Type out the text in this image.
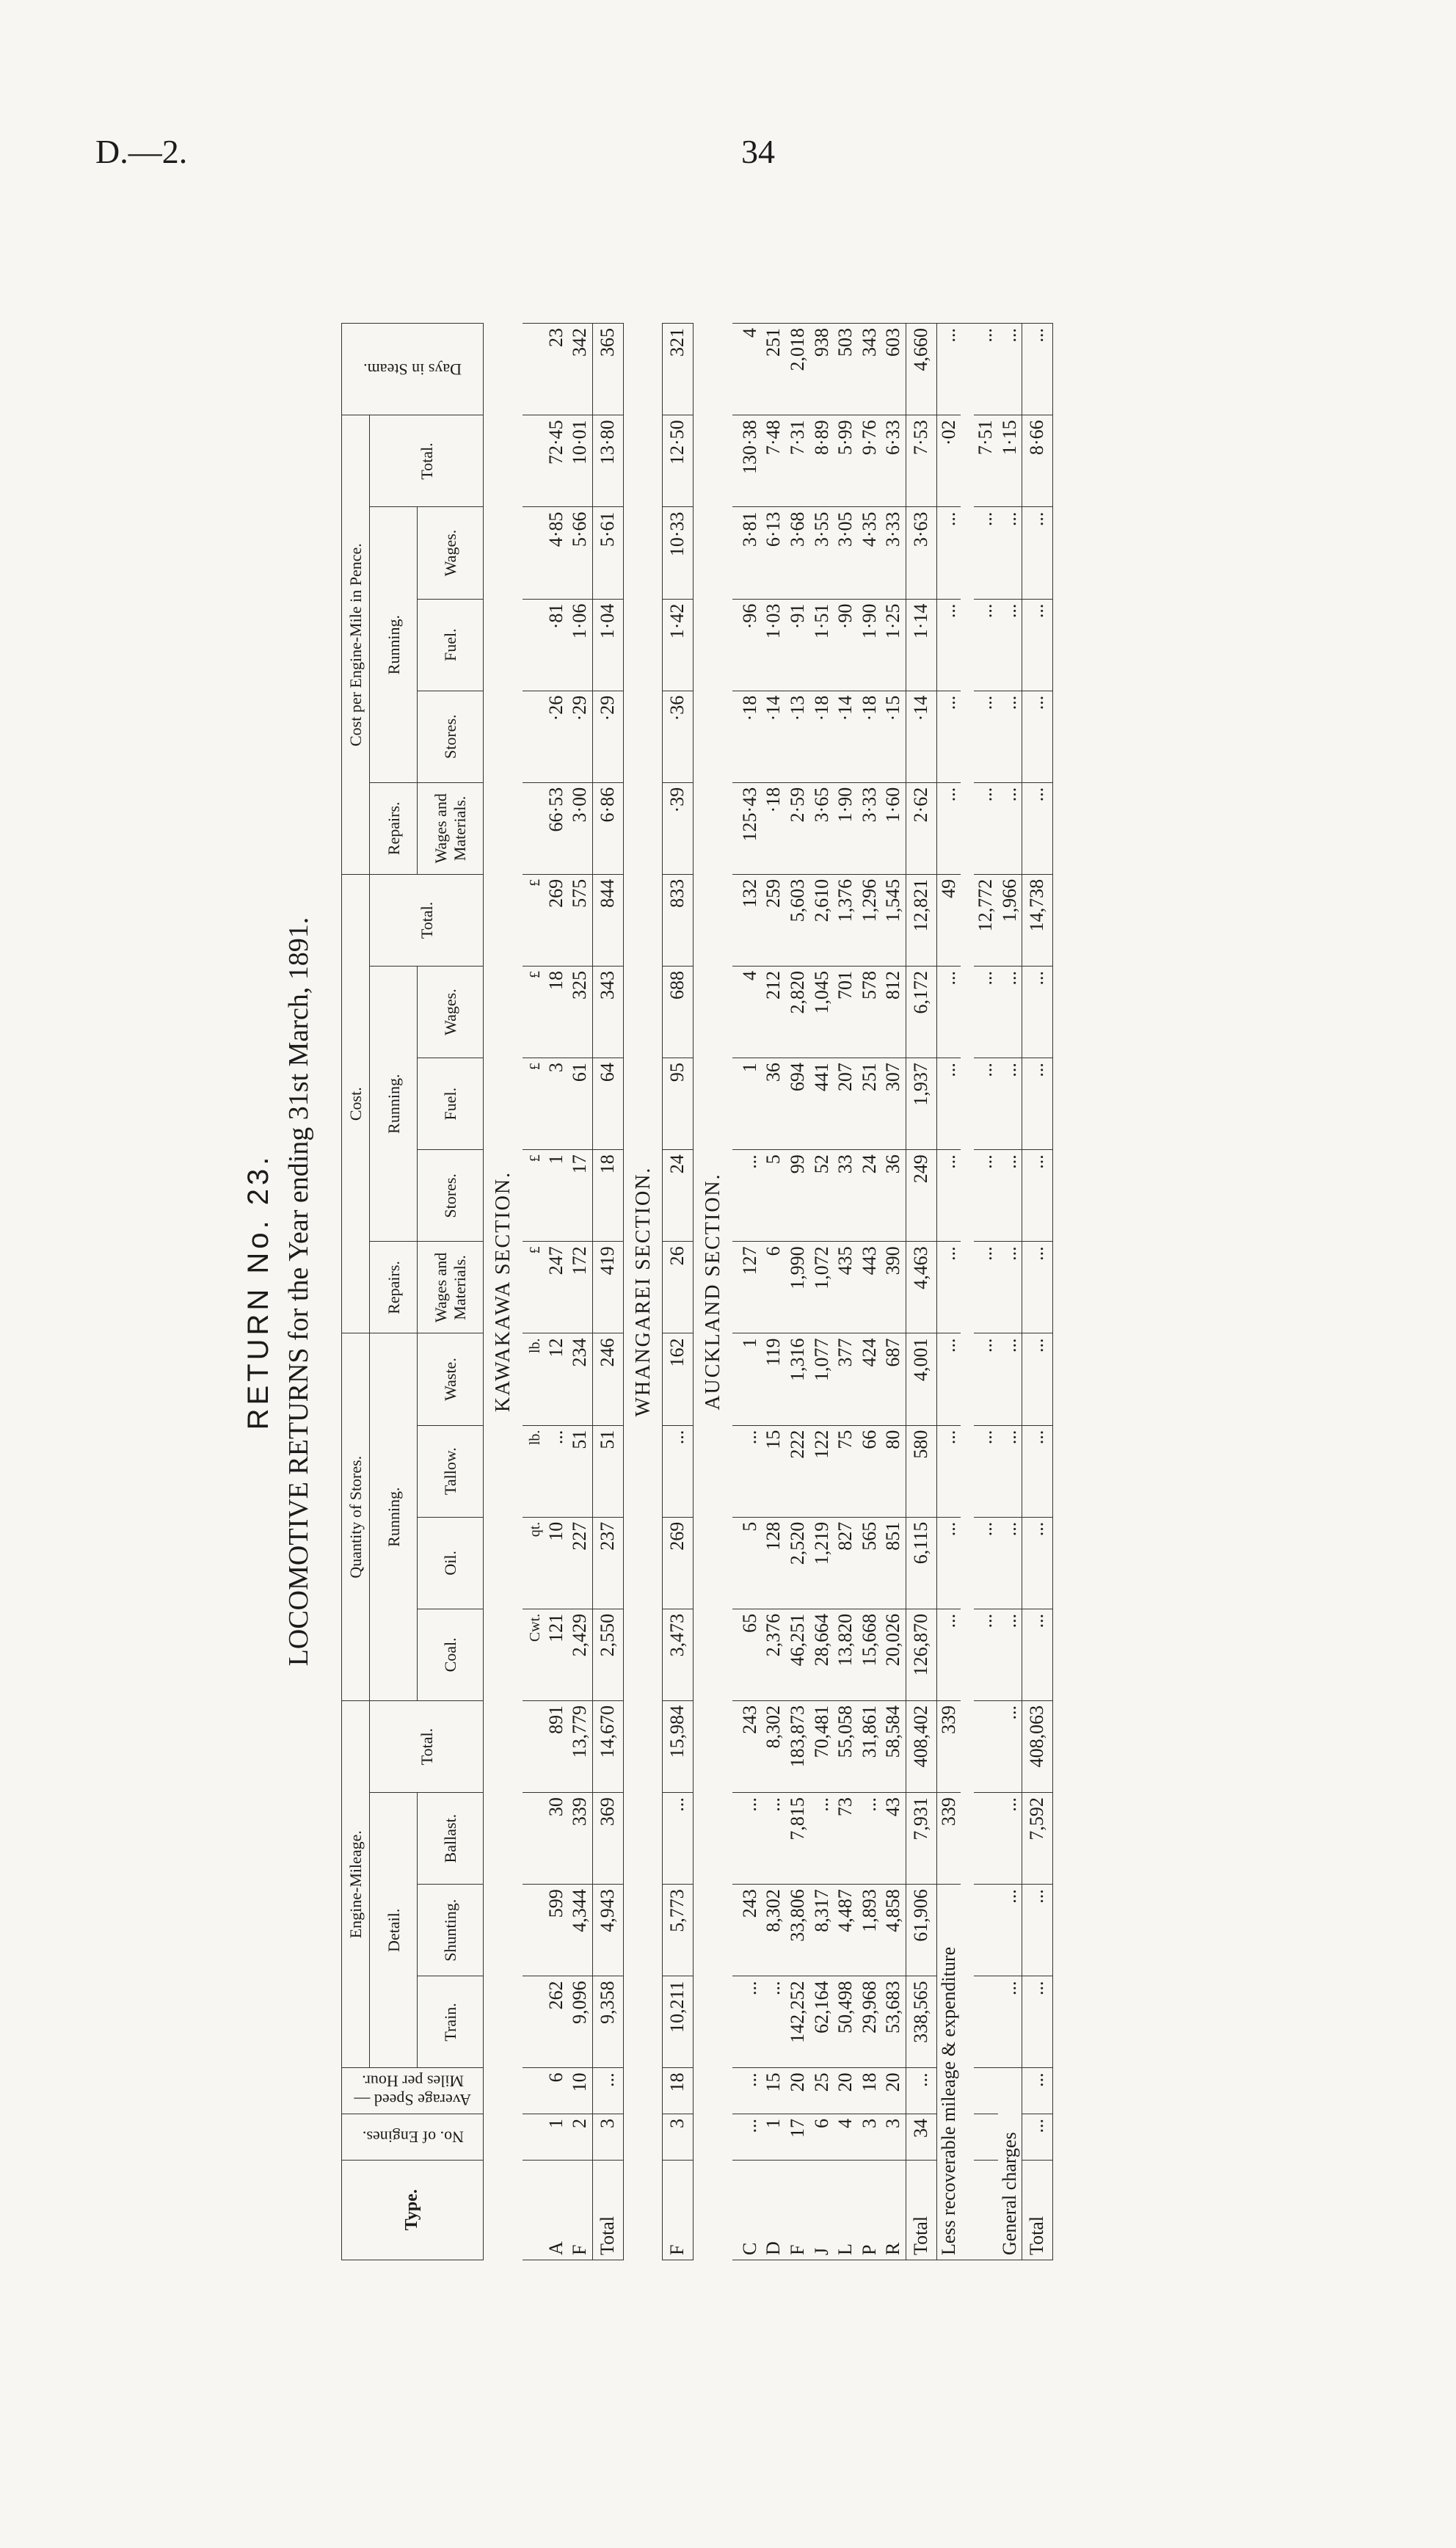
D.—2.	34
RETURN No. 23. LOCOMOTIVE RETURNS for the Year ending 31st March, 1891.
Type.	No. of Engines.	Average Speed — Miles per Hour.	Engine-Mileage.				Quantity of Stores.				Cost.					Cost per Engine-Mile in Pence.					Days in Steam.
			Detail.			Total.	Running.				Repairs.	Running.			Total.	Repairs.	Running.			Total.	
			Train.	Shunting.	Ballast.		Coal.	Oil.	Tallow.	Waste.	Wages and Materials.	Stores.	Fuel.	Wages.		Wages and Materials.	Stores.	Fuel.	Wages.		

KAWAKAWA SECTION.																					
							Cwt.	qt.	lb.	lb.	£	£	£	£	£						
A	1	6	262	599	30	891	121	10	...	12	247	1	3	18	269	66·53	·26	·81	4·85	72·45	23
F	2	10	9,096	4,344	339	13,779	2,429	227	51	234	172	17	61	325	575	3·00	·29	1·06	5·66	10·01	342
Total	3	...	9,358	4,943	369	14,670	2,550	237	51	246	419	18	64	343	844	6·86	·29	1·04	5·61	13·80	365
WHANGAREI SECTION.																					
F	3	18	10,211	5,773	...	15,984	3,473	269	...	162	26	24	95	688	833	·39	·36	1·42	10·33	12·50	321
AUCKLAND SECTION.																					
C	...	...	...	243	...	243	65	5	...	1	127	...	1	4	132	125·43	·18	·96	3·81	130·38	4
D	1	15	...	8,302	...	8,302	2,376	128	15	119	6	5	36	212	259	·18	·14	1·03	6·13	7·48	251
F	17	20	142,252	33,806	7,815	183,873	46,251	2,520	222	1,316	1,990	99	694	2,820	5,603	2·59	·13	·91	3·68	7·31	2,018
J	6	25	62,164	8,317	...	70,481	28,664	1,219	122	1,077	1,072	52	441	1,045	2,610	3·65	·18	1·51	3·55	8·89	938
L	4	20	50,498	4,487	73	55,058	13,820	827	75	377	435	33	207	701	1,376	1·90	·14	·90	3·05	5·99	503
P	3	18	29,968	1,893	...	31,861	15,668	565	66	424	443	24	251	578	1,296	3·33	·18	1·90	4·35	9·76	343
R	3	20	53,683	4,858	43	58,584	20,026	851	80	687	390	36	307	812	1,545	1·60	·15	1·25	3·33	6·33	603
Total	34	...	338,565	61,906	7,931	408,402	126,870	6,115	580	4,001	4,463	249	1,937	6,172	12,821	2·62	·14	1·14	3·63	7·53	4,660
Less recoverable mileage & expenditure					339	339	...	...	...	...	...	...	...	...	49	...	...	...	...	·02	...

							...	...	...	...	...	...	...	...	12,772	...	...	...	...	7·51	...
General charges			...	...	...	...	...	...	...	...	...	...	...	...	1,966	...	...	...	...	1·15	...
Total	...	...	...	...	7,592	408,063	...	...	...	...	...	...	...	...	14,738	...	...	...	...	8·66	...
